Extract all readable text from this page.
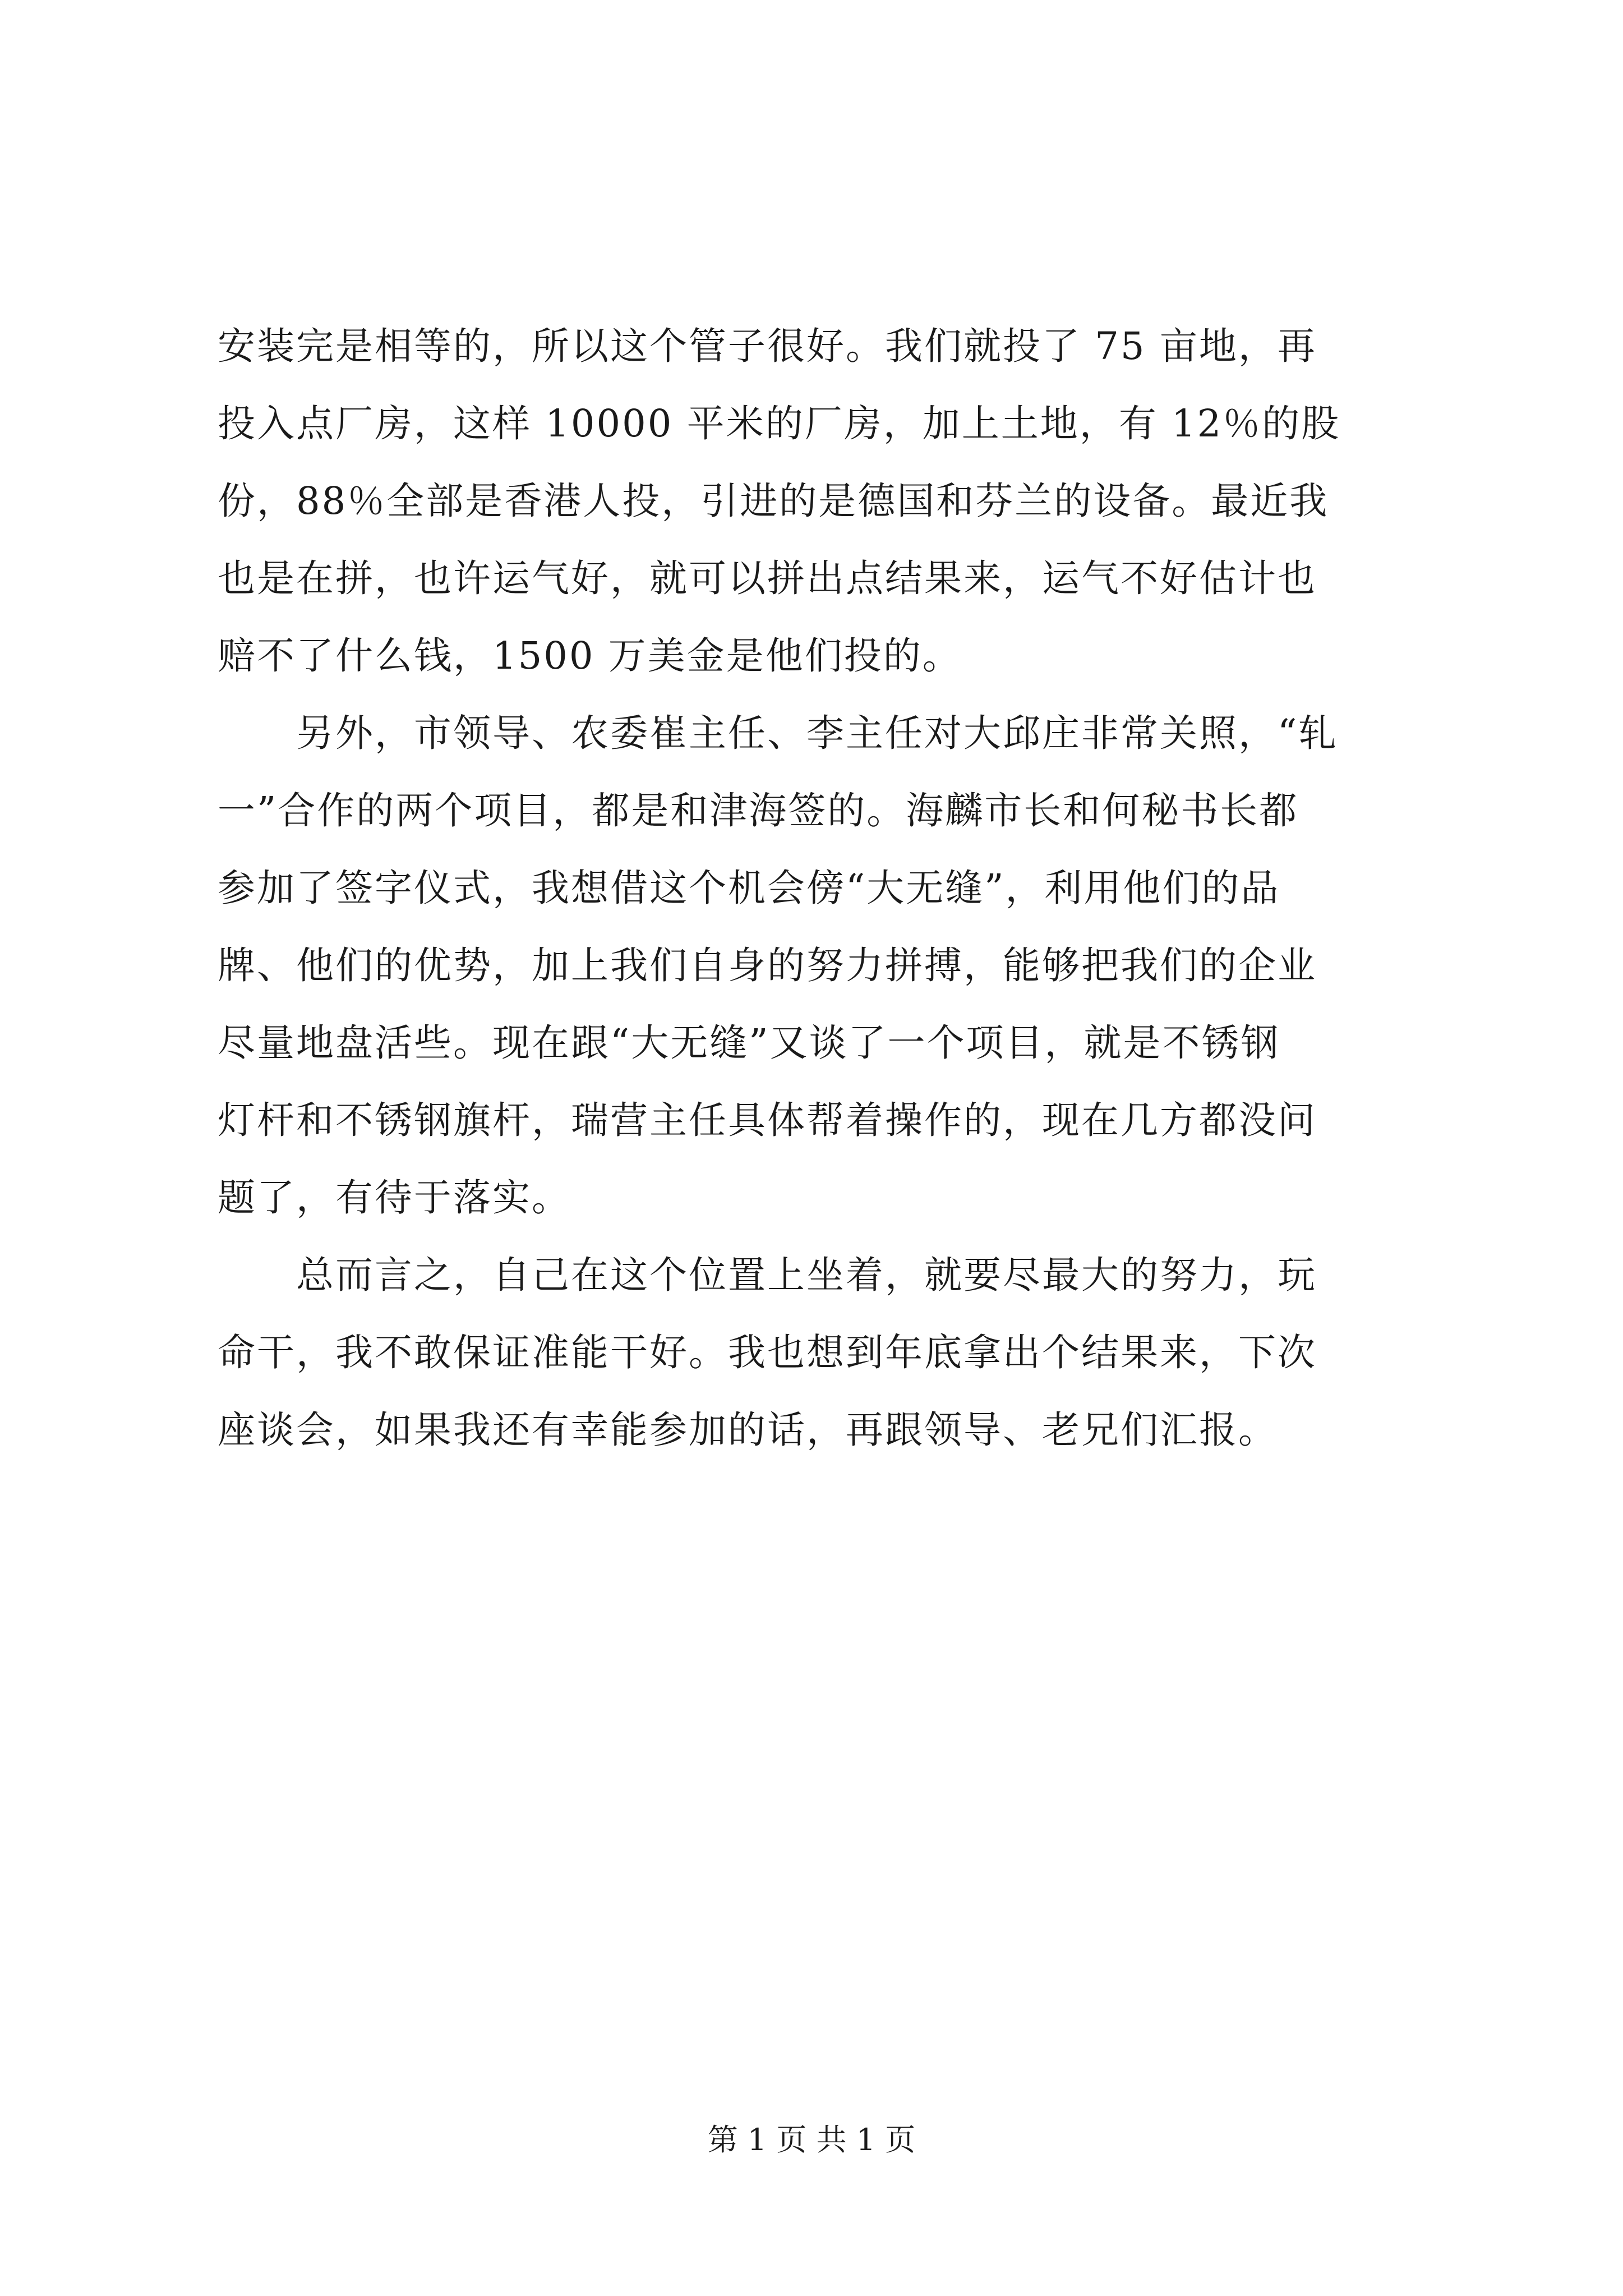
安装完是相等的，所以这个管子很好。我们就投了 75 亩地，再
投入点厂房，这样 10000 平米的厂房，加上土地，有 12％的股
份，88％全部是香港人投，引进的是德国和芬兰的设备。最近我
也是在拼，也许运气好，就可以拼出点结果来，运气不好估计也
赔不了什么钱，1500 万美金是他们投的。
另外，市领导、农委崔主任、李主任对大邱庄非常关照，“轧
一”合作的两个项目，都是和津海签的。海麟市长和何秘书长都
参加了签字仪式，我想借这个机会傍“大无缝”，利用他们的品
牌、他们的优势，加上我们自身的努力拼搏，能够把我们的企业
尽量地盘活些。现在跟“大无缝”又谈了一个项目，就是不锈钢
灯杆和不锈钢旗杆，瑞营主任具体帮着操作的，现在几方都没问
题了，有待于落实。
总而言之，自己在这个位置上坐着，就要尽最大的努力，玩
命干，我不敢保证准能干好。我也想到年底拿出个结果来，下次
座谈会，如果我还有幸能参加的话，再跟领导、老兄们汇报。
第 1 页 共 1 页
